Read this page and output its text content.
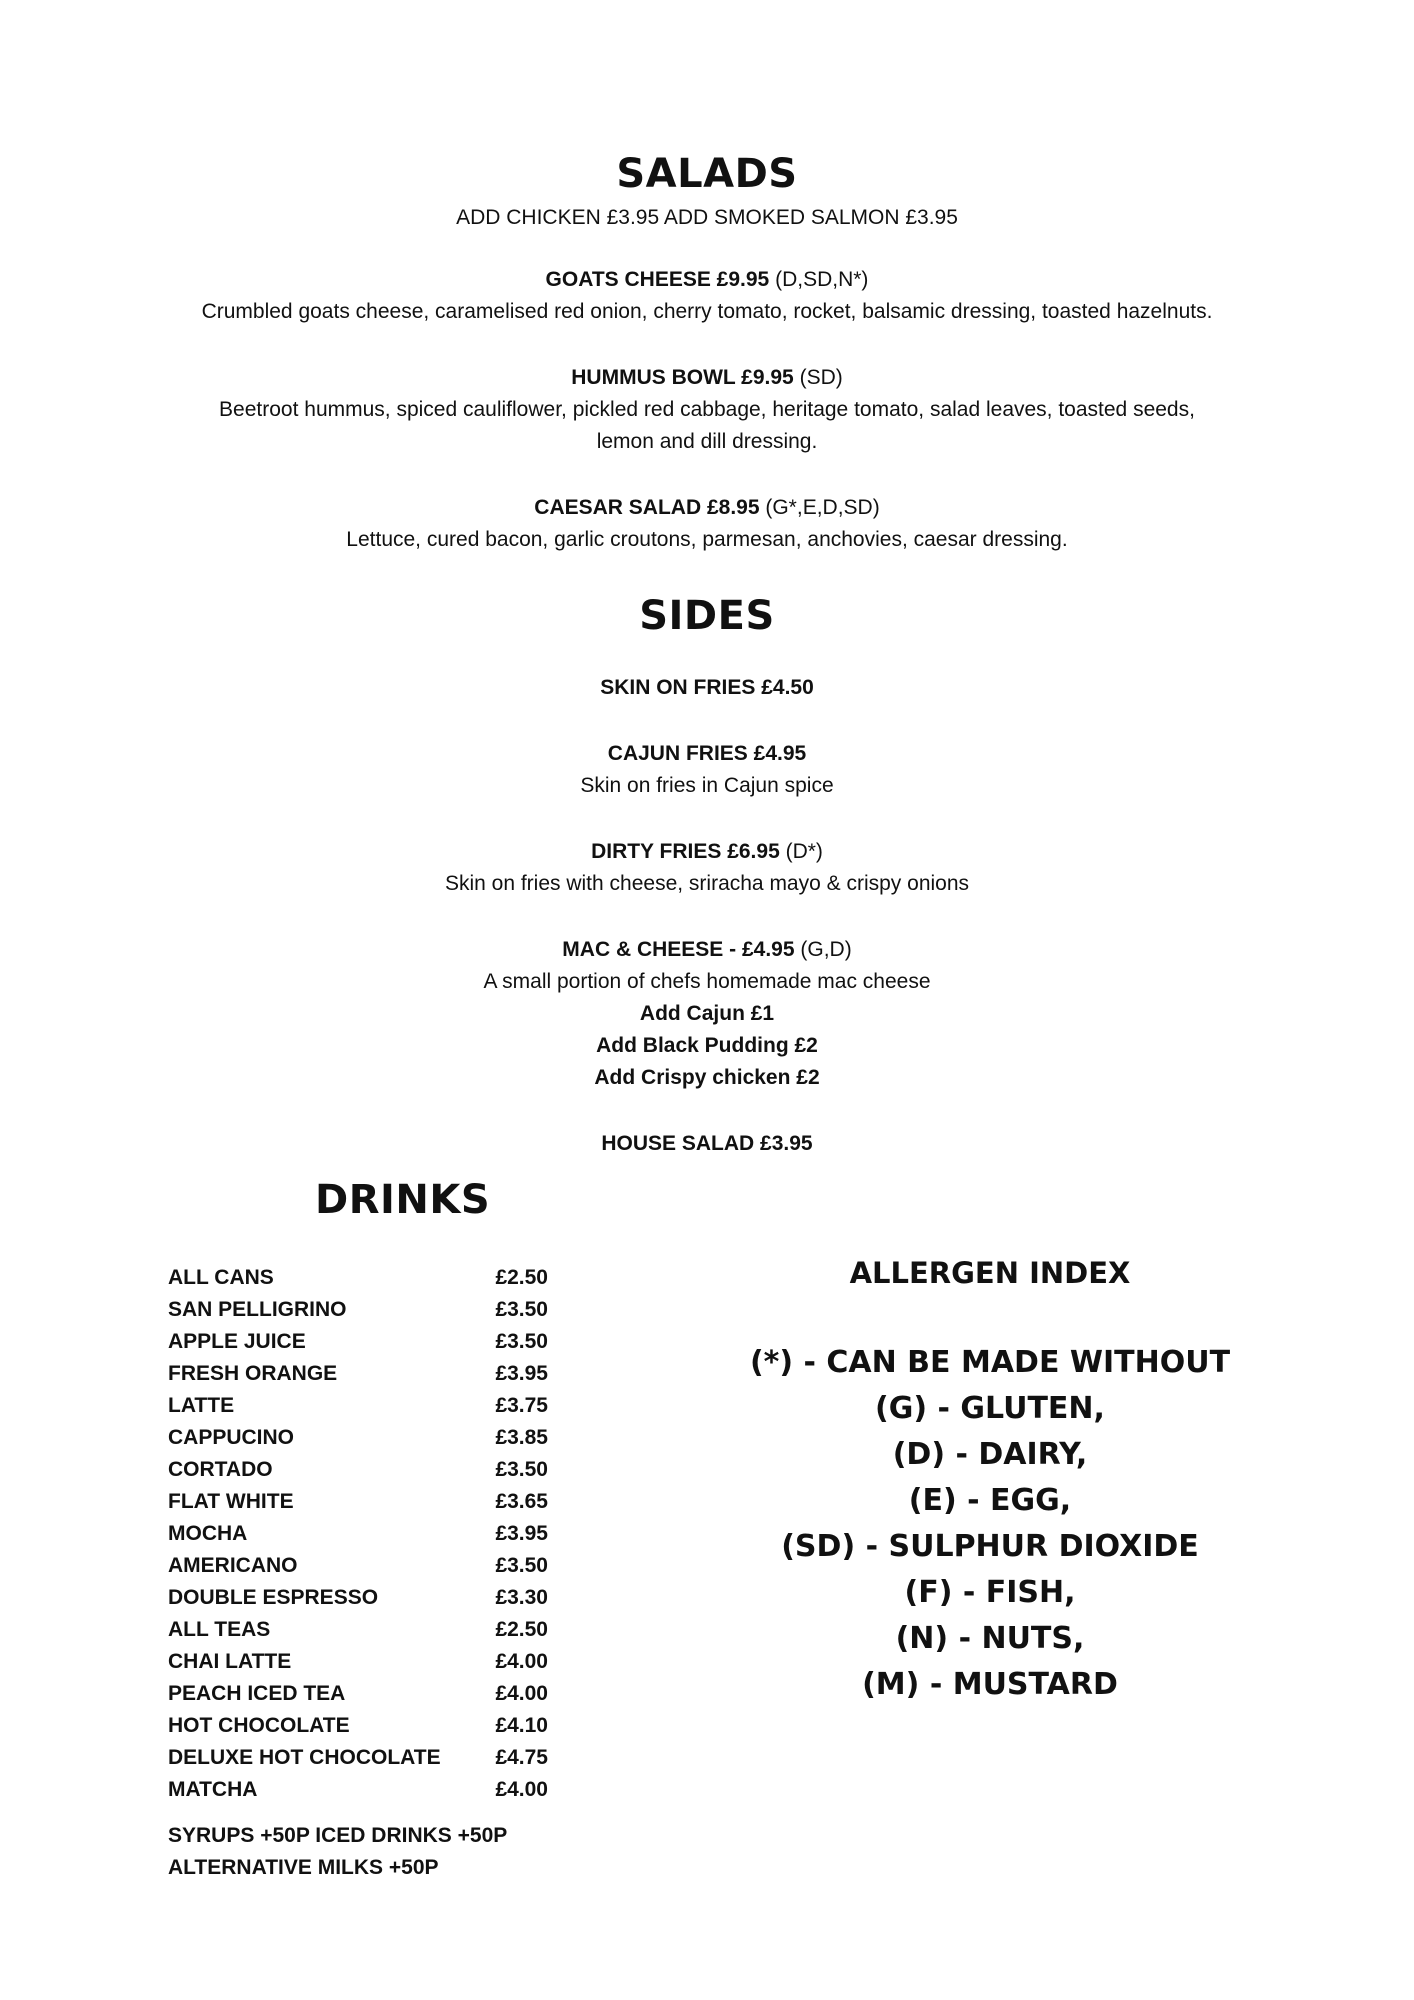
SALADS
ADD CHICKEN £3.95 ADD SMOKED SALMON £3.95
GOATS CHEESE £9.95 (D,SD,N*)
Crumbled goats cheese, caramelised red onion, cherry tomato, rocket, balsamic dressing, toasted hazelnuts.
HUMMUS BOWL £9.95 (SD)
Beetroot hummus, spiced cauliflower, pickled red cabbage, heritage tomato, salad leaves, toasted seeds,
lemon and dill dressing.
CAESAR SALAD £8.95 (G*,E,D,SD)
Lettuce, cured bacon, garlic croutons, parmesan, anchovies, caesar dressing.
SIDES
SKIN ON FRIES £4.50
CAJUN FRIES £4.95
Skin on fries in Cajun spice
DIRTY FRIES £6.95 (D*)
Skin on fries with cheese, sriracha mayo & crispy onions
MAC & CHEESE - £4.95 (G,D)
A small portion of chefs homemade mac cheese
Add Cajun £1
Add Black Pudding £2
Add Crispy chicken £2
HOUSE SALAD £3.95
DRINKS
ALL CANS	£2.50
SAN PELLIGRINO	£3.50
APPLE JUICE	£3.50
FRESH ORANGE	£3.95
LATTE	£3.75
CAPPUCINO	£3.85
CORTADO	£3.50
FLAT WHITE	£3.65
MOCHA	£3.95
AMERICANO	£3.50
DOUBLE ESPRESSO	£3.30
ALL TEAS	£2.50
CHAI LATTE	£4.00
PEACH ICED TEA	£4.00
HOT CHOCOLATE	£4.10
DELUXE HOT CHOCOLATE	£4.75
MATCHA	£4.00
SYRUPS +50P ICED DRINKS +50P
ALTERNATIVE MILKS +50P
ALLERGEN INDEX
(*) - CAN BE MADE WITHOUT
(G) - GLUTEN,
(D) - DAIRY,
(E) - EGG,
(SD) - SULPHUR DIOXIDE
(F) - FISH,
(N) - NUTS,
(M) - MUSTARD
